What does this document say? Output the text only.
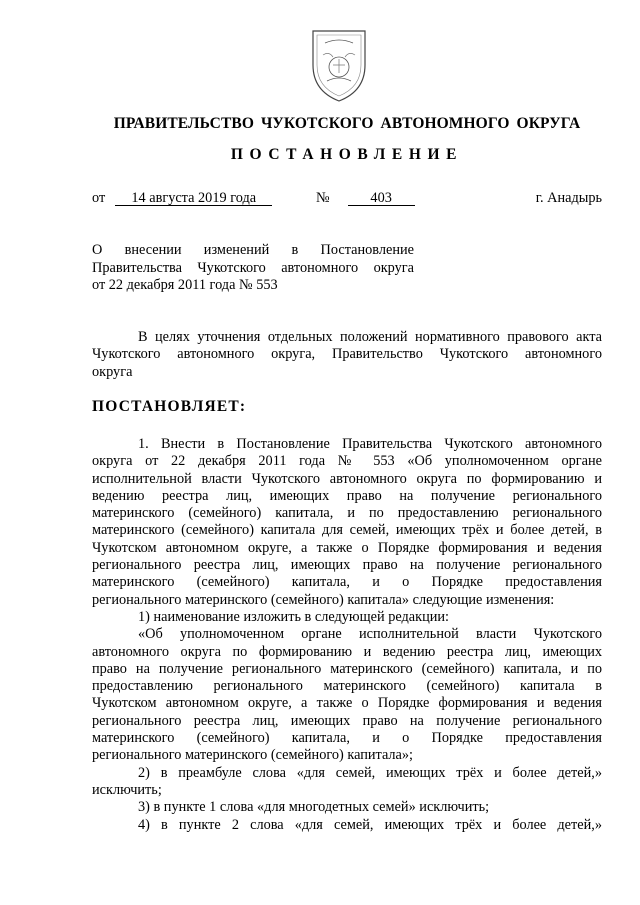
ПРАВИТЕЛЬСТВО ЧУКОТСКОГО АВТОНОМНОГО ОКРУГА
ПОСТАНОВЛЕНИЕ
от 14 августа 2019 года	№	403	г. Анадырь
О внесении изменений в Постановление
Правительства Чукотского автономного округа
от 22 декабря 2011 года № 553
В целях уточнения отдельных положений нормативного правового акта
Чукотского автономного округа, Правительство Чукотского автономного
округа
ПОСТАНОВЛЯЕТ:
1. Внести в Постановление Правительства Чукотского автономного
округа от 22 декабря 2011 года № 553 «Об уполномоченном органе
исполнительной власти Чукотского автономного округа по формированию и
ведению реестра лиц, имеющих право на получение регионального
материнского (семейного) капитала, и по предоставлению регионального
материнского (семейного) капитала для семей, имеющих трёх и более детей, в
Чукотском автономном округе, а также о Порядке формирования и ведения
регионального реестра лиц, имеющих право на получение регионального
материнского (семейного) капитала, и о Порядке предоставления
регионального материнского (семейного) капитала» следующие изменения:
1) наименование изложить в следующей редакции:
«Об уполномоченном органе исполнительной власти Чукотского
автономного округа по формированию и ведению реестра лиц, имеющих
право на получение регионального материнского (семейного) капитала, и по
предоставлению регионального материнского (семейного) капитала в
Чукотском автономном округе, а также о Порядке формирования и ведения
регионального реестра лиц, имеющих право на получение регионального
материнского (семейного) капитала, и о Порядке предоставления
регионального материнского (семейного) капитала»;
2) в преамбуле слова «для семей, имеющих трёх и более детей,»
исключить;
3) в пункте 1 слова «для многодетных семей» исключить;
4) в пункте 2 слова «для семей, имеющих трёх и более детей,»
